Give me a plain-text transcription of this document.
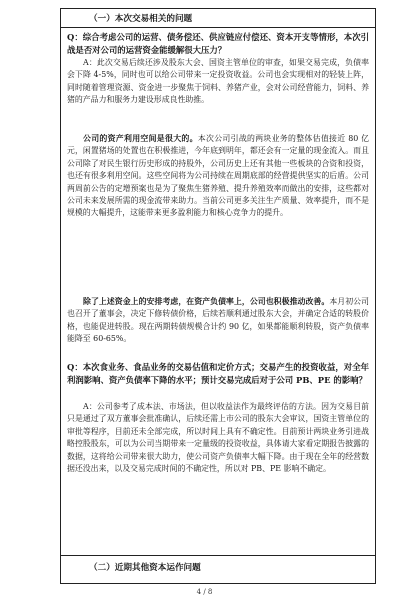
（一）本次交易相关的问题
Q：综合考虑公司的运营、债务偿还、供应链应付偿还、资本开支等情形，本次引战是否对公司的运营资金能缓解很大压力？
A：此次交易后续还涉及股东大会、国资主管单位的审查，如果交易完成，负债率会下降 4-5%，同时也可以给公司带来一定投资收益。公司也会实现相对的轻装上阵，同时随着管理资源、资金进一步聚焦于饲料、养猪产业，会对公司经营能力，饲料、养猪的产品力和服务力建设形成良性助推。
公司的资产利用空间是很大的。本次公司引战的两块业务的整体估值接近 80 亿元，闲置猪场的处置也在积极推进，今年底到明年，都还会有一定量的现金流入。而且公司除了对民生银行历史形成的持股外，公司历史上还有其他一些板块的合资和投资，也还有很多利用空间。这些空间将为公司持续在周期底部的经营提供坚实的后盾。公司两周前公告的定增预案也是为了聚焦生猪养殖、提升养殖效率而做出的安排，这些都对公司未来发展所需的现金流带来助力。当前公司更多关注生产质量、效率提升，而不是规模的大幅提升，这能带来更多盈利能力和核心竞争力的提升。
除了上述资金上的安排考虑，在资产负债率上，公司也积极推动改善。本月初公司也召开了董事会，决定下修转债价格，后续若顺利通过股东大会，并确定合适的转股价格，也能促进转股。现在两期转债规模合计约 90 亿，如果都能顺利转股，资产负债率能降至 60-65%。
Q：本次食业务、食品业务的交易估值和定价方式；交易产生的投资收益，对全年利润影响、资产负债率下降的水平；预计交易完成后对于公司 PB、PE 的影响？
A：公司参考了成本法、市场法，但以收益法作为最终评估的方法。因为交易目前只是通过了双方董事会批准确认，后续还需上市公司的股东大会审议，国资主管单位的审批等程序，目前还未全部完成，所以时间上具有不确定性。目前预计两块业务引进战略控股股东，可以为公司当期带来一定量级的投资收益，具体请大家看定期报告披露的数据，这将给公司带来很大助力，使公司资产负债率大幅下降。由于现在全年的经营数据还没出来，以及交易完成时间的不确定性，所以对 PB、PE 影响不确定。
（二）近期其他资本运作问题
4 / 8
